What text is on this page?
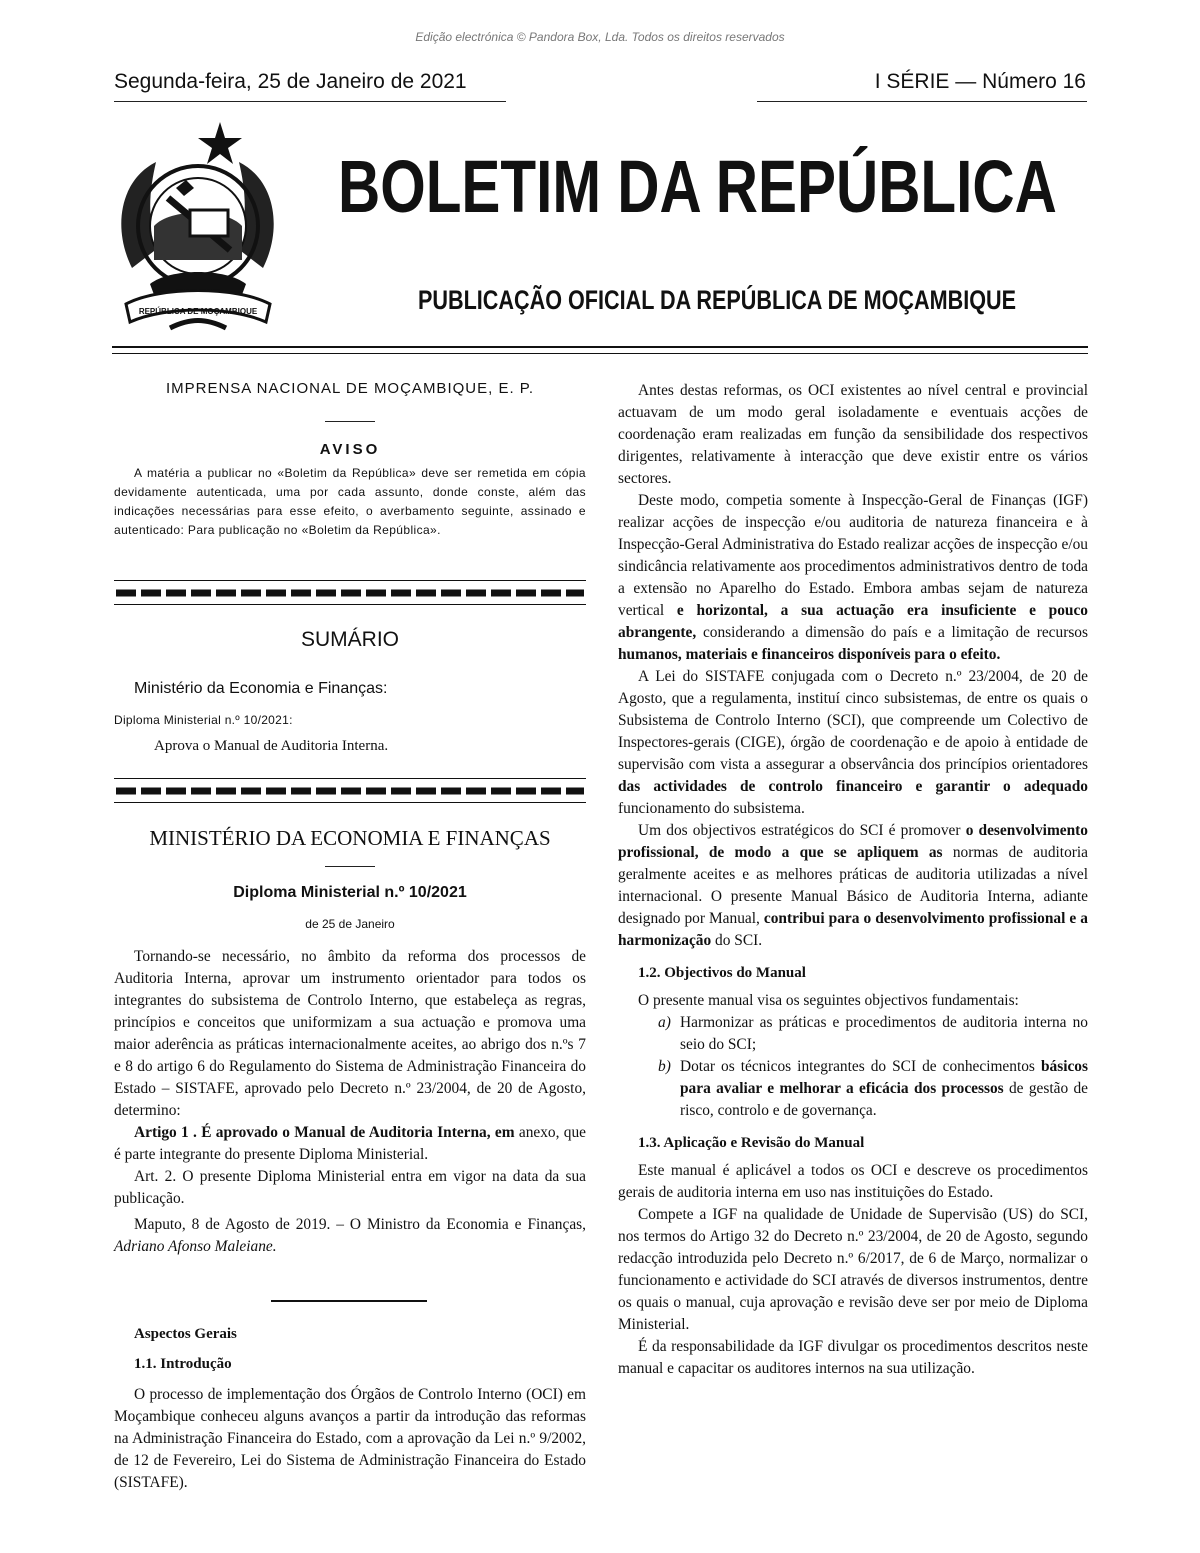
Edição electrónica © Pandora Box, Lda. Todos os direitos reservados
Segunda-feira, 25 de Janeiro de 2021	I SÉRIE — Número 16
REPÚBLICA DE MOÇAMBIQUE
BOLETIM DA REPÚBLICA
PUBLICAÇÃO OFICIAL DA REPÚBLICA DE MOÇAMBIQUE
IMPRENSA NACIONAL DE MOÇAMBIQUE, E. P.
AVISO
A matéria a publicar no «Boletim da República» deve ser remetida em cópia devidamente autenticada, uma por cada assunto, donde conste, além das indicações necessárias para esse efeito, o averbamento seguinte, assinado e autenticado: Para publicação no «Boletim da República».
SUMÁRIO
Ministério da Economia e Finanças:
Diploma Ministerial n.º 10/2021:
Aprova o Manual de Auditoria Interna.
MINISTÉRIO DA ECONOMIA E FINANÇAS
Diploma Ministerial n.º 10/2021
de 25 de Janeiro

Tornando-se necessário, no âmbito da reforma dos processos de Auditoria Interna, aprovar um instrumento orientador para todos os integrantes do subsistema de Controlo Interno, que estabeleça as regras, princípios e conceitos que uniformizam a sua actuação e promova uma maior aderência as práticas internacionalmente aceites, ao abrigo dos n.ºs 7 e 8 do artigo 6 do Regulamento do Sistema de Administração Financeira do Estado – SISTAFE, aprovado pelo Decreto n.º 23/2004, de 20 de Agosto, determino:

Artigo 1 . É aprovado o Manual de Auditoria Interna, em anexo, que é parte integrante do presente Diploma Ministerial.

Art. 2. O presente Diploma Ministerial entra em vigor na data da sua publicação.

Maputo, 8 de Agosto de 2019. – O Ministro da Economia e Finanças, Adriano Afonso Maleiane.

Aspectos Gerais
1.1. Introdução

O processo de implementação dos Órgãos de Controlo Interno (OCI) em Moçambique conheceu alguns avanços a partir da introdução das reformas na Administração Financeira do Estado, com a aprovação da Lei n.º 9/2002, de 12 de Fevereiro, Lei do Sistema de Administração Financeira do Estado (SISTAFE).

Antes destas reformas, os OCI existentes ao nível central e provincial actuavam de um modo geral isoladamente e eventuais acções de coordenação eram realizadas em função da sensibilidade dos respectivos dirigentes, relativamente à interacção que deve existir entre os vários sectores.

Deste modo, competia somente à Inspecção-Geral de Finanças (IGF) realizar acções de inspecção e/ou auditoria de natureza financeira e à Inspecção-Geral Administrativa do Estado realizar acções de inspecção e/ou sindicância relativamente aos procedimentos administrativos dentro de toda a extensão no Aparelho do Estado. Embora ambas sejam de natureza vertical e horizontal, a sua actuação era insuficiente e pouco abrangente, considerando a dimensão do país e a limitação de recursos humanos, materiais e financeiros disponíveis para o efeito.

A Lei do SISTAFE conjugada com o Decreto n.º 23/2004, de 20 de Agosto, que a regulamenta, instituí cinco subsistemas, de entre os quais o Subsistema de Controlo Interno (SCI), que compreende um Colectivo de Inspectores-gerais (CIGE), órgão de coordenação e de apoio à entidade de supervisão com vista a assegurar a observância dos princípios orientadores das actividades de controlo financeiro e garantir o adequado funcionamento do subsistema.

Um dos objectivos estratégicos do SCI é promover o desenvolvimento profissional, de modo a que se apliquem as normas de auditoria geralmente aceites e as melhores práticas de auditoria utilizadas a nível internacional. O presente Manual Básico de Auditoria Interna, adiante designado por Manual, contribui para o desenvolvimento profissional e a harmonização do SCI.

1.2. Objectivos do Manual

O presente manual visa os seguintes objectivos fundamentais:

a) Harmonizar as práticas e procedimentos de auditoria interna no seio do SCI;
b) Dotar os técnicos integrantes do SCI de conhecimentos básicos para avaliar e melhorar a eficácia dos processos de gestão de risco, controlo e de governança.
1.3. Aplicação e Revisão do Manual

Este manual é aplicável a todos os OCI e descreve os procedimentos gerais de auditoria interna em uso nas instituições do Estado.

Compete a IGF na qualidade de Unidade de Supervisão (US) do SCI, nos termos do Artigo 32 do Decreto n.º 23/2004, de 20 de Agosto, segundo redacção introduzida pelo Decreto n.º 6/2017, de 6 de Março, normalizar o funcionamento e actividade do SCI através de diversos instrumentos, dentre os quais o manual, cuja aprovação e revisão deve ser por meio de Diploma Ministerial.

É da responsabilidade da IGF divulgar os procedimentos descritos neste manual e capacitar os auditores internos na sua utilização.
